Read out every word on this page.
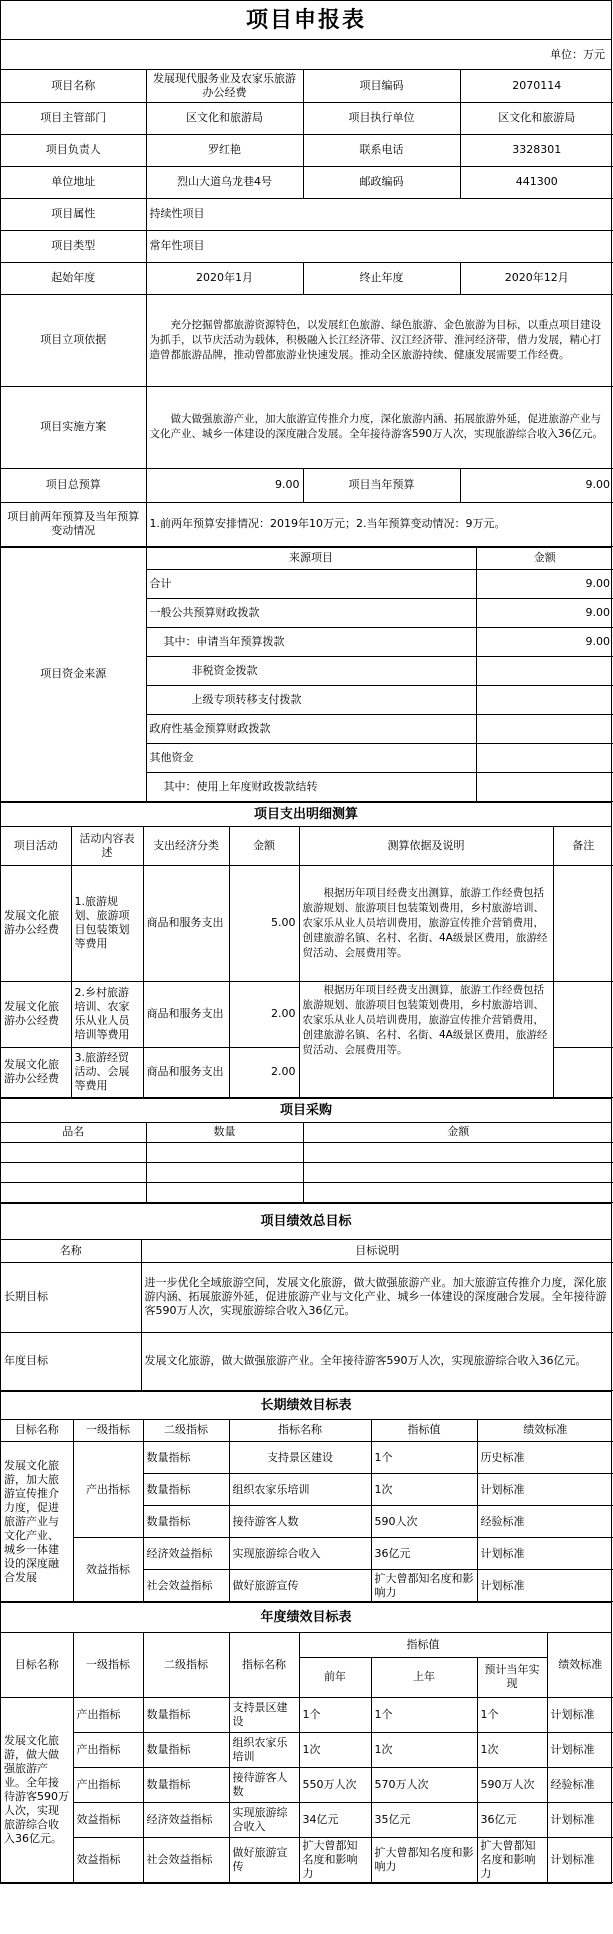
项目申报表
单位：万元
项目名称	发展现代服务业及农家乐旅游办公经费	项目编码	2070114
项目主管部门	区文化和旅游局	项目执行单位	区文化和旅游局
项目负责人	罗红艳	联系电话	3328301
单位地址	烈山大道乌龙巷4号	邮政编码	441300
项目属性	持续性项目		
项目类型	常年性项目		
起始年度	2020年1月	终止年度	2020年12月
项目立项依据	充分挖掘曾都旅游资源特色，以发展红色旅游、绿色旅游、金色旅游为目标，以重点项目建设为抓手，以节庆活动为载体，积极融入长江经济带、汉江经济带、淮河经济带，借力发展，精心打造曾都旅游品牌，推动曾都旅游业快速发展。推动全区旅游持续、健康发展需要工作经费。		
项目实施方案	做大做强旅游产业，加大旅游宣传推介力度，深化旅游内涵、拓展旅游外延，促进旅游产业与文化产业、城乡一体建设的深度融合发展。全年接待游客590万人次，实现旅游综合收入36亿元。		
项目总预算	9.00	项目当年预算	9.00
项目前两年预算及当年预算变动情况	1.前两年预算安排情况：2019年10万元；2.当年预算变动情况：9万元。		
项目资金来源	来源项目	金额
	合计	9.00
	一般公共预算财政拨款	9.00
	其中：申请当年预算拨款	9.00
	非税资金拨款	
	上级专项转移支付拨款	
	政府性基金预算财政拨款	
	其他资金	
	其中：使用上年度财政拨款结转	
项目支出明细测算
项目活动	活动内容表述	支出经济分类	金额	测算依据及说明	备注
发展文化旅游办公经费	1.旅游规划、旅游项目包装策划等费用	商品和服务支出	5.00	根据历年项目经费支出测算，旅游工作经费包括旅游规划、旅游项目包装策划费用，乡村旅游培训、农家乐从业人员培训费用，旅游宣传推介营销费用，创建旅游名镇、名村、名街、4A级景区费用，旅游经贸活动、会展费用等。	
发展文化旅游办公经费	2.乡村旅游培训、农家乐从业人员培训等费用	商品和服务支出	2.00	根据历年项目经费支出测算，旅游工作经费包括旅游规划、旅游项目包装策划费用，乡村旅游培训、农家乐从业人员培训费用，旅游宣传推介营销费用，创建旅游名镇、名村、名街、4A级景区费用，旅游经贸活动、会展费用等。	
发展文化旅游办公经费	3.旅游经贸活动、会展等费用	商品和服务支出	2.00		
项目采购
品名	数量	金额

项目绩效总目标
名称	目标说明
长期目标	进一步优化全域旅游空间，发展文化旅游，做大做强旅游产业。加大旅游宣传推介力度，深化旅游内涵、拓展旅游外延，促进旅游产业与文化产业、城乡一体建设的深度融合发展。全年接待游客590万人次，实现旅游综合收入36亿元。
年度目标	发展文化旅游，做大做强旅游产业。全年接待游客590万人次，实现旅游综合收入36亿元。
长期绩效目标表
目标名称	一级指标	二级指标	指标名称	指标值	绩效标准
发展文化旅游，加大旅游宣传推介力度，促进旅游产业与文化产业、城乡一体建设的深度融合发展	产出指标	数量指标	支持景区建设	1个	历史标准
		数量指标	组织农家乐培训	1次	计划标准
		数量指标	接待游客人数	590人次	经验标准
	效益指标	经济效益指标	实现旅游综合收入	36亿元	计划标准
		社会效益指标	做好旅游宣传	扩大曾都知名度和影响力	计划标准
年度绩效目标表
目标名称	一级指标	二级指标	指标名称	指标值			绩效标准
				前年	上年	预计当年实现	
发展文化旅游，做大做强旅游产业。全年接待游客590万人次，实现旅游综合收入36亿元。	产出指标	数量指标	支持景区建设	1个	1个	1个	计划标准
	产出指标	数量指标	组织农家乐培训	1次	1次	1次	计划标准
	产出指标	数量指标	接待游客人数	550万人次	570万人次	590万人次	经验标准
	效益指标	经济效益指标	实现旅游综合收入	34亿元	35亿元	36亿元	计划标准
	效益指标	社会效益指标	做好旅游宣传	扩大曾都知名度和影响力	扩大曾都知名度和影响力	扩大曾都知名度和影响力	计划标准
